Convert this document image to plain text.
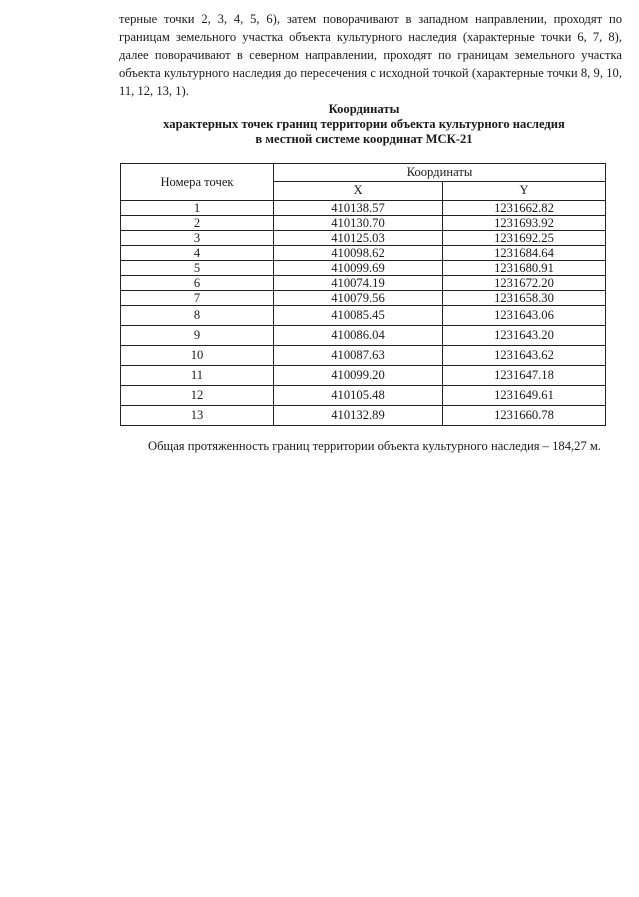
терные точки 2, 3, 4, 5, 6), затем поворачивают в западном направлении, проходят по границам земельного участка объекта культурного наследия (характерные точки 6, 7, 8), далее поворачивают в северном направлении, проходят по границам земельного участка объекта культурного наследия до пересечения с исходной точкой (характерные точки 8, 9, 10, 11, 12, 13, 1).

Координаты
характерных точек границ территории объекта культурного наследия
в местной системе координат МСК-21
Номера точек	Координаты	
	X	Y
1	410138.57	1231662.82
2	410130.70	1231693.92
3	410125.03	1231692.25
4	410098.62	1231684.64
5	410099.69	1231680.91
6	410074.19	1231672.20
7	410079.56	1231658.30
8	410085.45	1231643.06
9	410086.04	1231643.20
10	410087.63	1231643.62
11	410099.20	1231647.18
12	410105.48	1231649.61
13	410132.89	1231660.78

Общая протяженность границ территории объекта культурного наследия – 184,27 м.
